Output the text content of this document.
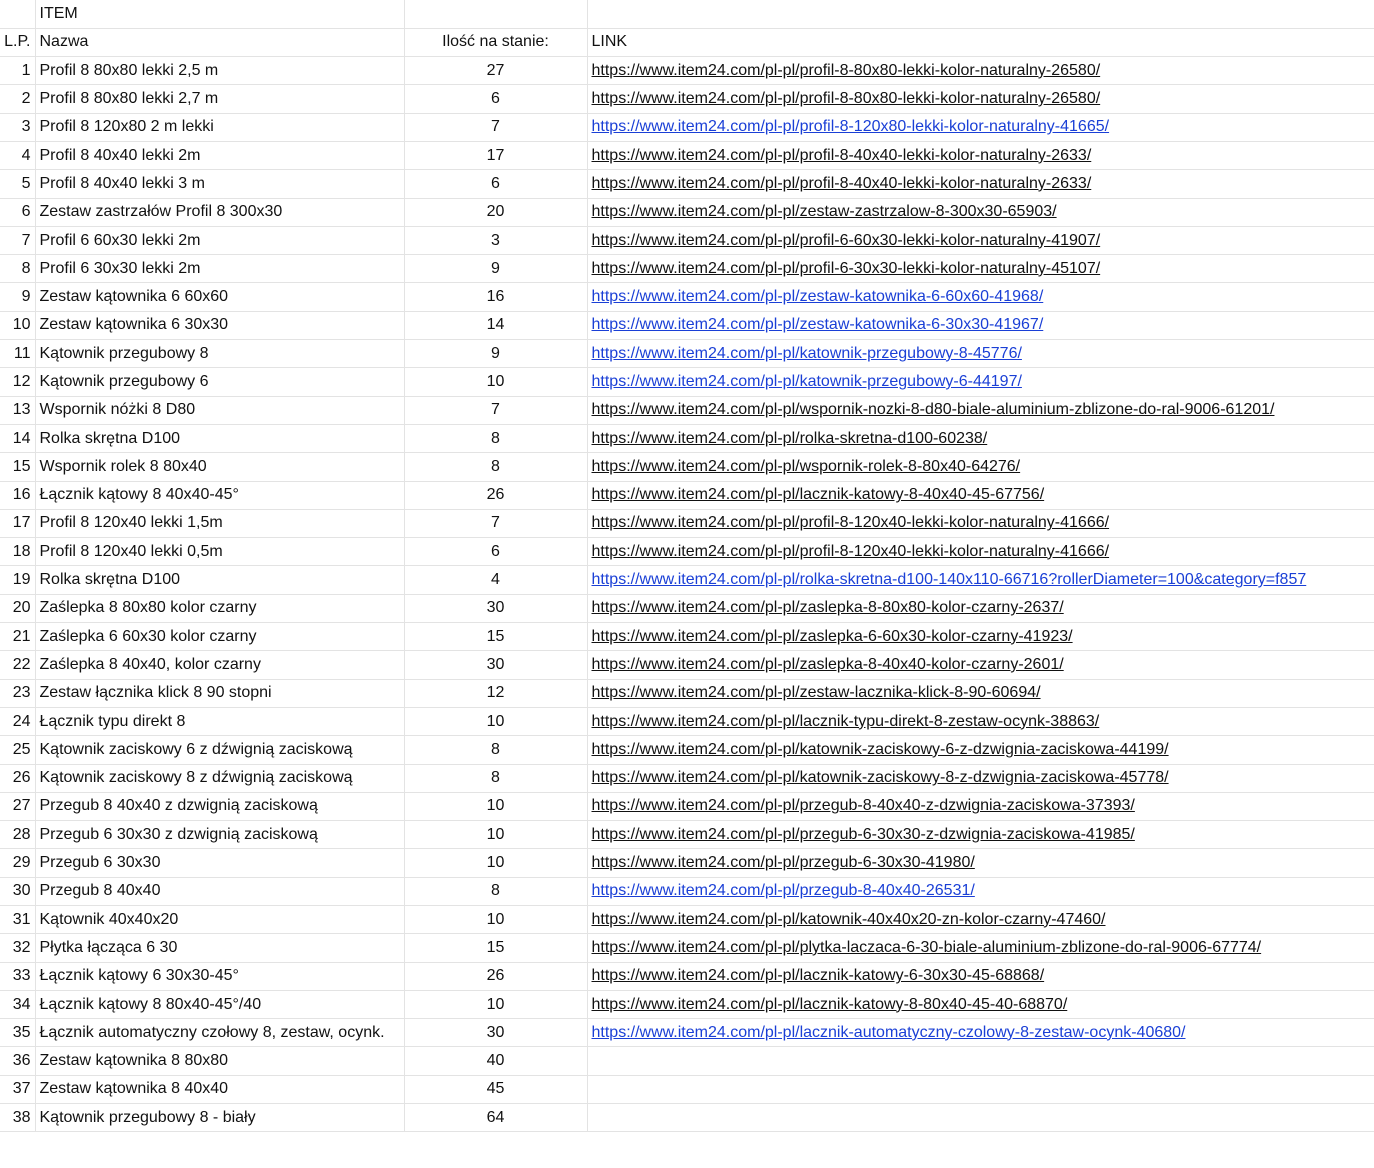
	ITEM		
L.P.	Nazwa	Ilość na stanie:	LINK
1	Profil 8 80x80 lekki 2,5 m	27	https://www.item24.com/pl-pl/profil-8-80x80-lekki-kolor-naturalny-26580/
2	Profil 8 80x80 lekki 2,7 m	6	https://www.item24.com/pl-pl/profil-8-80x80-lekki-kolor-naturalny-26580/
3	Profil 8 120x80 2 m lekki	7	https://www.item24.com/pl-pl/profil-8-120x80-lekki-kolor-naturalny-41665/
4	Profil 8 40x40 lekki 2m	17	https://www.item24.com/pl-pl/profil-8-40x40-lekki-kolor-naturalny-2633/
5	Profil 8 40x40 lekki 3 m	6	https://www.item24.com/pl-pl/profil-8-40x40-lekki-kolor-naturalny-2633/
6	Zestaw zastrzałów Profil 8 300x30	20	https://www.item24.com/pl-pl/zestaw-zastrzalow-8-300x30-65903/
7	Profil 6 60x30 lekki 2m	3	https://www.item24.com/pl-pl/profil-6-60x30-lekki-kolor-naturalny-41907/
8	Profil 6 30x30 lekki 2m	9	https://www.item24.com/pl-pl/profil-6-30x30-lekki-kolor-naturalny-45107/
9	Zestaw kątownika 6 60x60	16	https://www.item24.com/pl-pl/zestaw-katownika-6-60x60-41968/
10	Zestaw kątownika 6 30x30	14	https://www.item24.com/pl-pl/zestaw-katownika-6-30x30-41967/
11	Kątownik przegubowy 8	9	https://www.item24.com/pl-pl/katownik-przegubowy-8-45776/
12	Kątownik przegubowy 6	10	https://www.item24.com/pl-pl/katownik-przegubowy-6-44197/
13	Wspornik nóżki 8 D80	7	https://www.item24.com/pl-pl/wspornik-nozki-8-d80-biale-aluminium-zblizone-do-ral-9006-61201/
14	Rolka skrętna D100	8	https://www.item24.com/pl-pl/rolka-skretna-d100-60238/
15	Wspornik rolek 8 80x40	8	https://www.item24.com/pl-pl/wspornik-rolek-8-80x40-64276/
16	Łącznik kątowy 8 40x40-45°	26	https://www.item24.com/pl-pl/lacznik-katowy-8-40x40-45-67756/
17	Profil 8 120x40 lekki 1,5m	7	https://www.item24.com/pl-pl/profil-8-120x40-lekki-kolor-naturalny-41666/
18	Profil 8 120x40 lekki 0,5m	6	https://www.item24.com/pl-pl/profil-8-120x40-lekki-kolor-naturalny-41666/
19	Rolka skrętna D100	4	https://www.item24.com/pl-pl/rolka-skretna-d100-140x110-66716?rollerDiameter=100&category=f857
20	Zaślepka 8 80x80 kolor czarny	30	https://www.item24.com/pl-pl/zaslepka-8-80x80-kolor-czarny-2637/
21	Zaślepka 6 60x30 kolor czarny	15	https://www.item24.com/pl-pl/zaslepka-6-60x30-kolor-czarny-41923/
22	Zaślepka 8 40x40, kolor czarny	30	https://www.item24.com/pl-pl/zaslepka-8-40x40-kolor-czarny-2601/
23	Zestaw łącznika klick 8 90 stopni	12	https://www.item24.com/pl-pl/zestaw-lacznika-klick-8-90-60694/
24	Łącznik typu direkt 8	10	https://www.item24.com/pl-pl/lacznik-typu-direkt-8-zestaw-ocynk-38863/
25	Kątownik zaciskowy 6 z dźwignią zaciskową	8	https://www.item24.com/pl-pl/katownik-zaciskowy-6-z-dzwignia-zaciskowa-44199/
26	Kątownik zaciskowy 8 z dźwignią zaciskową	8	https://www.item24.com/pl-pl/katownik-zaciskowy-8-z-dzwignia-zaciskowa-45778/
27	Przegub 8 40x40 z dzwignią zaciskową	10	https://www.item24.com/pl-pl/przegub-8-40x40-z-dzwignia-zaciskowa-37393/
28	Przegub 6 30x30 z dzwignią zaciskową	10	https://www.item24.com/pl-pl/przegub-6-30x30-z-dzwignia-zaciskowa-41985/
29	Przegub 6 30x30	10	https://www.item24.com/pl-pl/przegub-6-30x30-41980/
30	Przegub 8 40x40	8	https://www.item24.com/pl-pl/przegub-8-40x40-26531/
31	Kątownik 40x40x20	10	https://www.item24.com/pl-pl/katownik-40x40x20-zn-kolor-czarny-47460/
32	Płytka łącząca 6 30	15	https://www.item24.com/pl-pl/plytka-laczaca-6-30-biale-aluminium-zblizone-do-ral-9006-67774/
33	Łącznik kątowy 6 30x30-45°	26	https://www.item24.com/pl-pl/lacznik-katowy-6-30x30-45-68868/
34	Łącznik kątowy 8 80x40-45°/40	10	https://www.item24.com/pl-pl/lacznik-katowy-8-80x40-45-40-68870/
35	Łącznik automatyczny czołowy 8, zestaw, ocynk.	30	https://www.item24.com/pl-pl/lacznik-automatyczny-czolowy-8-zestaw-ocynk-40680/
36	Zestaw kątownika 8 80x80	40	
37	Zestaw kątownika 8 40x40	45	
38	Kątownik przegubowy 8 - biały	64	
